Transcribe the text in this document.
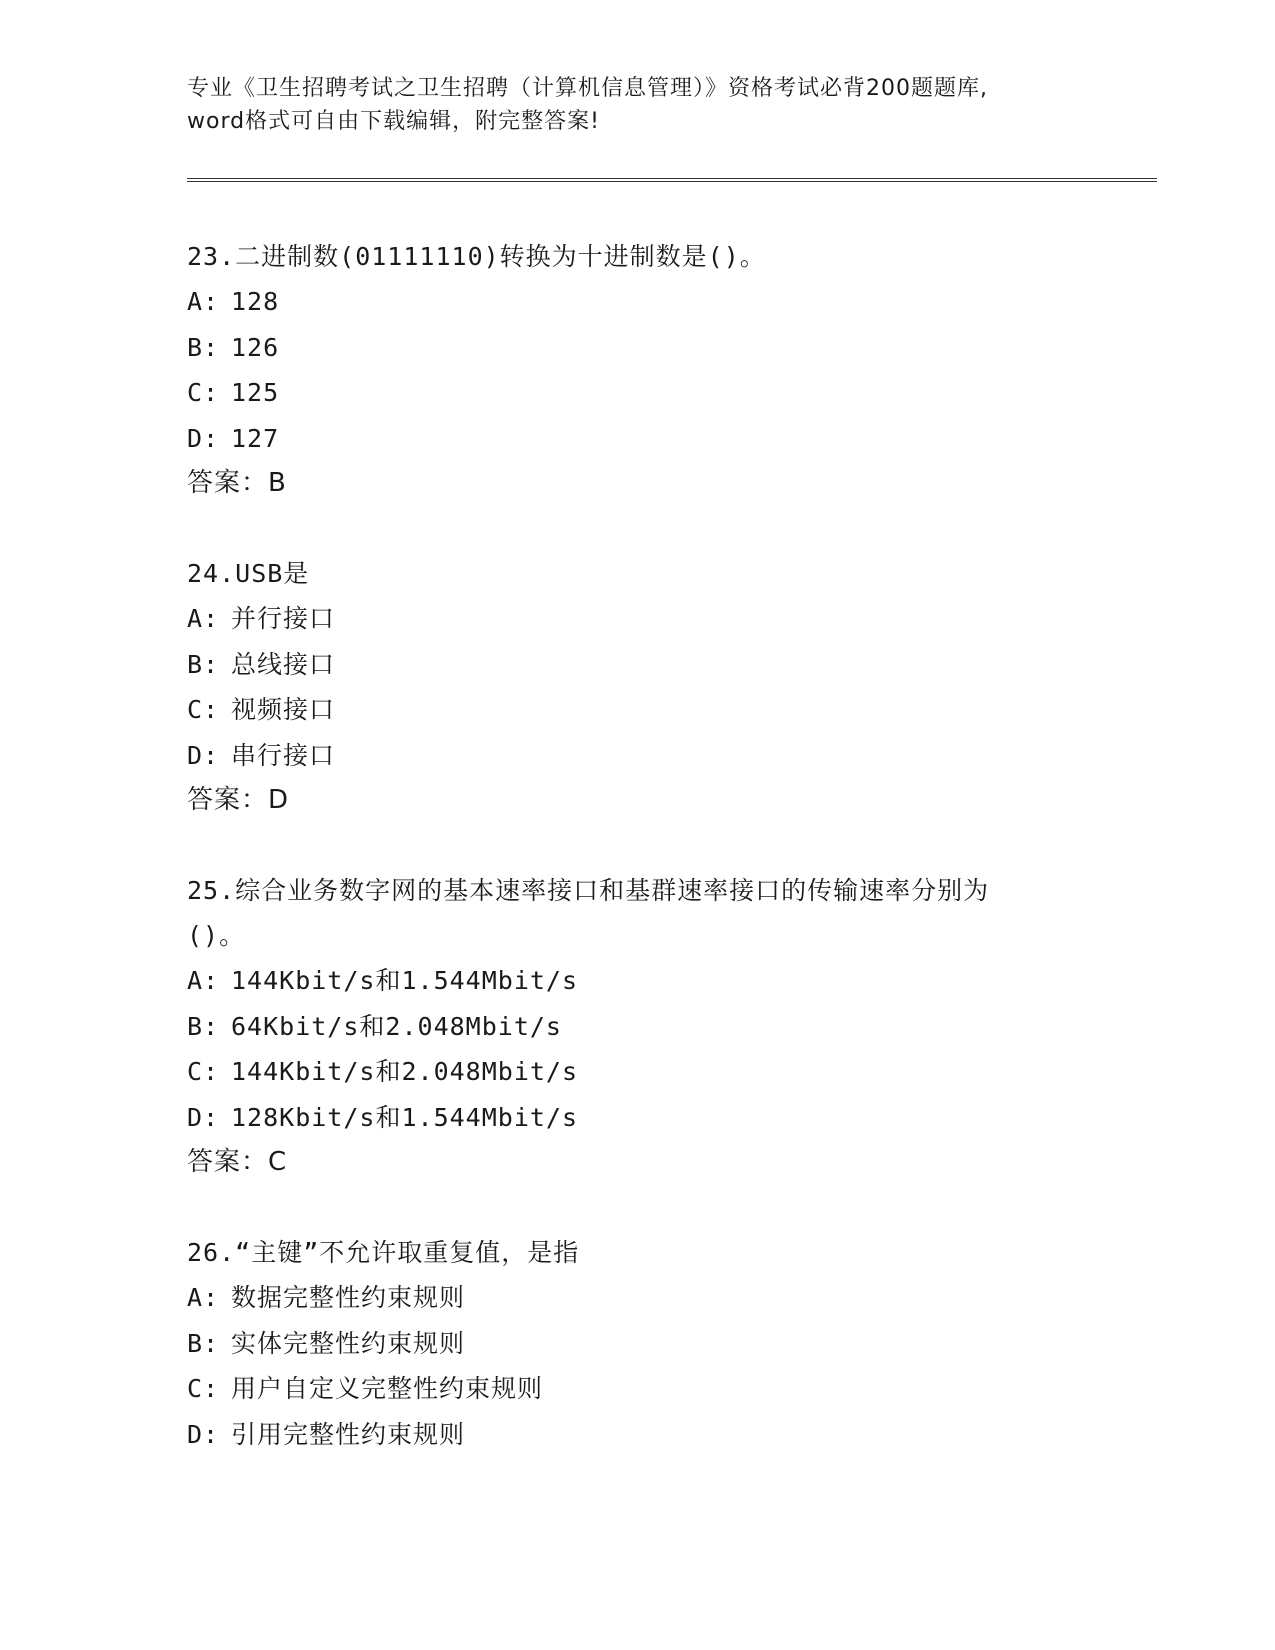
专业《卫生招聘考试之卫生招聘（计算机信息管理）》资格考试必背200题题库,
word格式可自由下载编辑，附完整答案!
23.二进制数(01111110)转换为十进制数是()。
A: 128
B: 126
C: 125
D: 127
答案：B
24.USB是
A: 并行接口
B: 总线接口
C: 视频接口
D: 串行接口
答案：D
25.综合业务数字网的基本速率接口和基群速率接口的传输速率分别为()。
A: 144Kbit/s和1.544Mbit/s
B: 64Kbit/s和2.048Mbit/s
C: 144Kbit/s和2.048Mbit/s
D: 128Kbit/s和1.544Mbit/s
答案：C
26.“主键”不允许取重复值，是指
A: 数据完整性约束规则
B: 实体完整性约束规则
C: 用户自定义完整性约束规则
D: 引用完整性约束规则
